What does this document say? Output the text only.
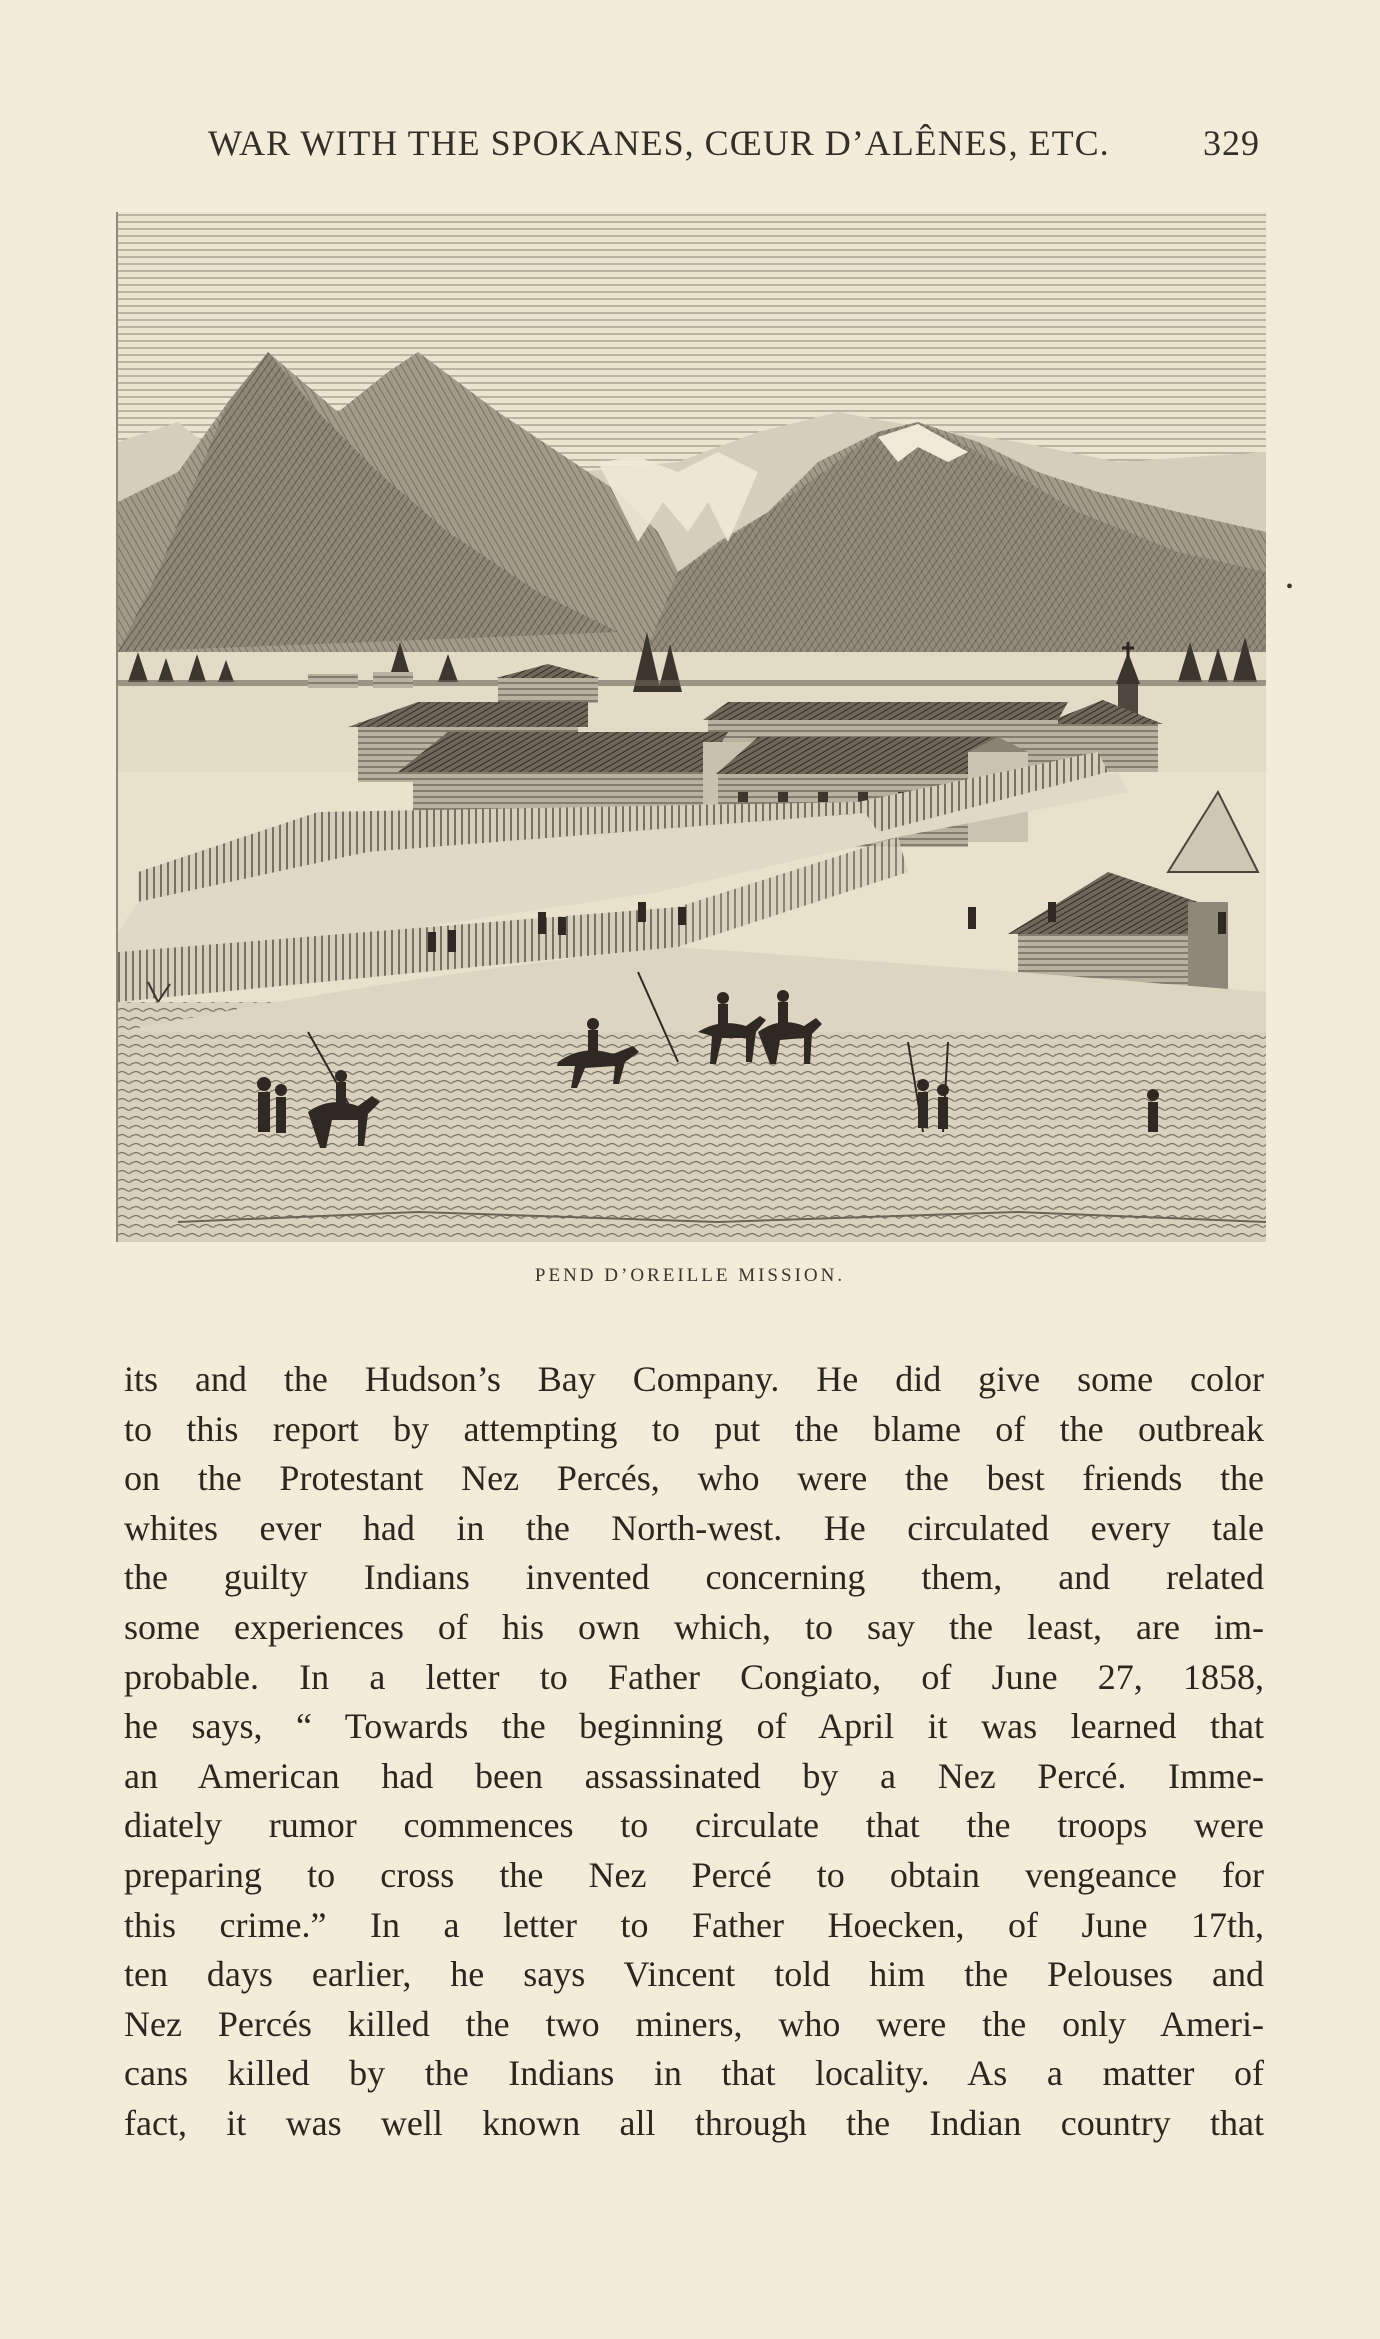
WAR WITH THE SPOKANES, CŒUR D’ALÊNES, ETC.	329
PEND D’OREILLE MISSION.
its and the Hudson’s Bay Company. He did give some color
to this report by attempting to put the blame of the outbreak
on the Protestant Nez Percés, who were the best friends the
whites ever had in the North-west. He circulated every tale
the guilty Indians invented concerning them, and related
some experiences of his own which, to say the least, are im-
probable. In a letter to Father Congiato, of June 27, 1858,
he says, “ Towards the beginning of April it was learned that
an American had been assassinated by a Nez Percé. Imme-
diately rumor commences to circulate that the troops were
preparing to cross the Nez Percé to obtain vengeance for
this crime.” In a letter to Father Hoecken, of June 17th,
ten days earlier, he says Vincent told him the Pelouses and
Nez Percés killed the two miners, who were the only Ameri-
cans killed by the Indians in that locality. As a matter of
fact, it was well known all through the Indian country that
•
